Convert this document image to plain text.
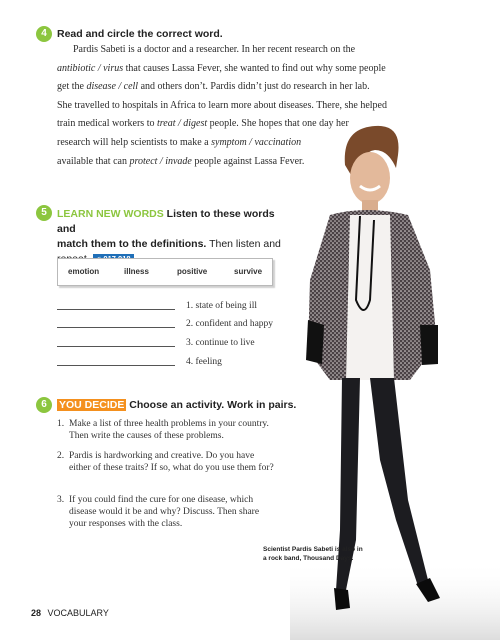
4 Read and circle the correct word.
Pardis Sabeti is a doctor and a researcher. In her recent research on the
antibiotic / virus that causes Lassa Fever, she wanted to find out why some people
get the disease / cell and others don’t. Pardis didn’t just do research in her lab.
She travelled to hospitals in Africa to learn more about diseases. There, she helped
train medical workers to treat / digest people. She hopes that one day her
research will help scientists to make a symptom / vaccination
available that can protect / invade people against Lassa Fever.
5 LEARN NEW WORDS Listen to these words and
match them to the definitions. Then listen and
emotion	illness	positive	survive
1. state of being ill
2. confident and happy
3. continue to live
4. feeling
6	YOU DECIDE Choose an activity. Work in pairs.
1. Make a list of three health problems in your country. Then write the causes of these problems.
2. Pardis is hardworking and creative. Do you have either of these traits? If so, what do you use them for?
3. If you could find the cure for one disease, which disease would it be and why? Discuss. Then share your responses with the class.
Scientist Pardis Sabeti is also in a rock band, Thousand Days.
28 VOCABULARY
